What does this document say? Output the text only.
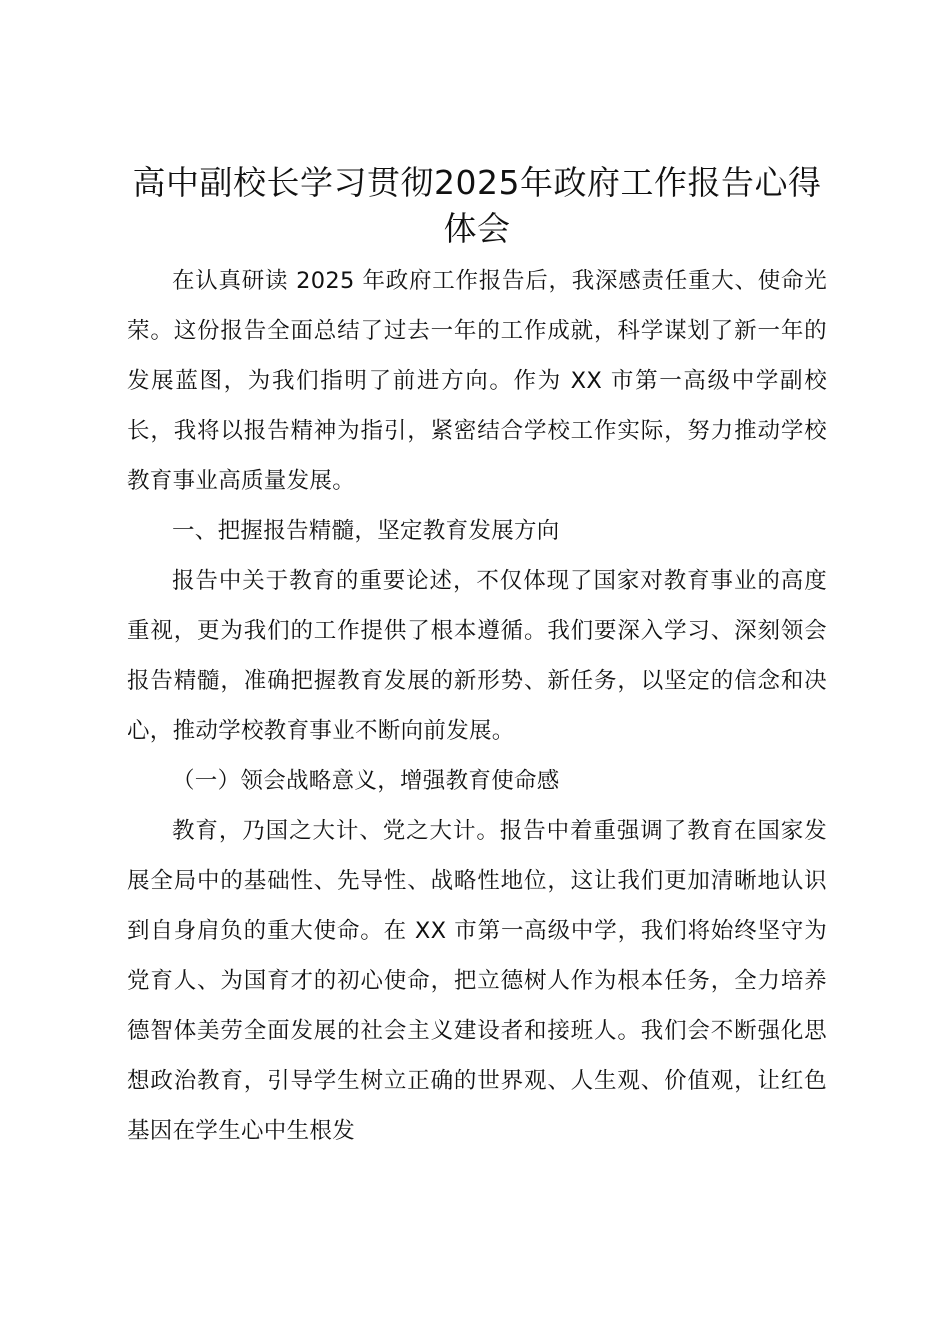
高中副校长学习贯彻2025年政府工作报告心得体会

在认真研读 2025 年政府工作报告后，我深感责任重大、使命光荣。这份报告全面总结了过去一年的工作成就，科学谋划了新一年的发展蓝图，为我们指明了前进方向。作为 XX 市第一高级中学副校长，我将以报告精神为指引，紧密结合学校工作实际，努力推动学校教育事业高质量发展。

一、把握报告精髓，坚定教育发展方向

报告中关于教育的重要论述，不仅体现了国家对教育事业的高度重视，更为我们的工作提供了根本遵循。我们要深入学习、深刻领会报告精髓，准确把握教育发展的新形势、新任务，以坚定的信念和决心，推动学校教育事业不断向前发展。

（一）领会战略意义，增强教育使命感

教育，乃国之大计、党之大计。报告中着重强调了教育在国家发展全局中的基础性、先导性、战略性地位，这让我们更加清晰地认识到自身肩负的重大使命。在 XX 市第一高级中学，我们将始终坚守为党育人、为国育才的初心使命，把立德树人作为根本任务，全力培养德智体美劳全面发展的社会主义建设者和接班人。我们会不断强化思想政治教育，引导学生树立正确的世界观、人生观、价值观，让红色基因在学生心中生根发
